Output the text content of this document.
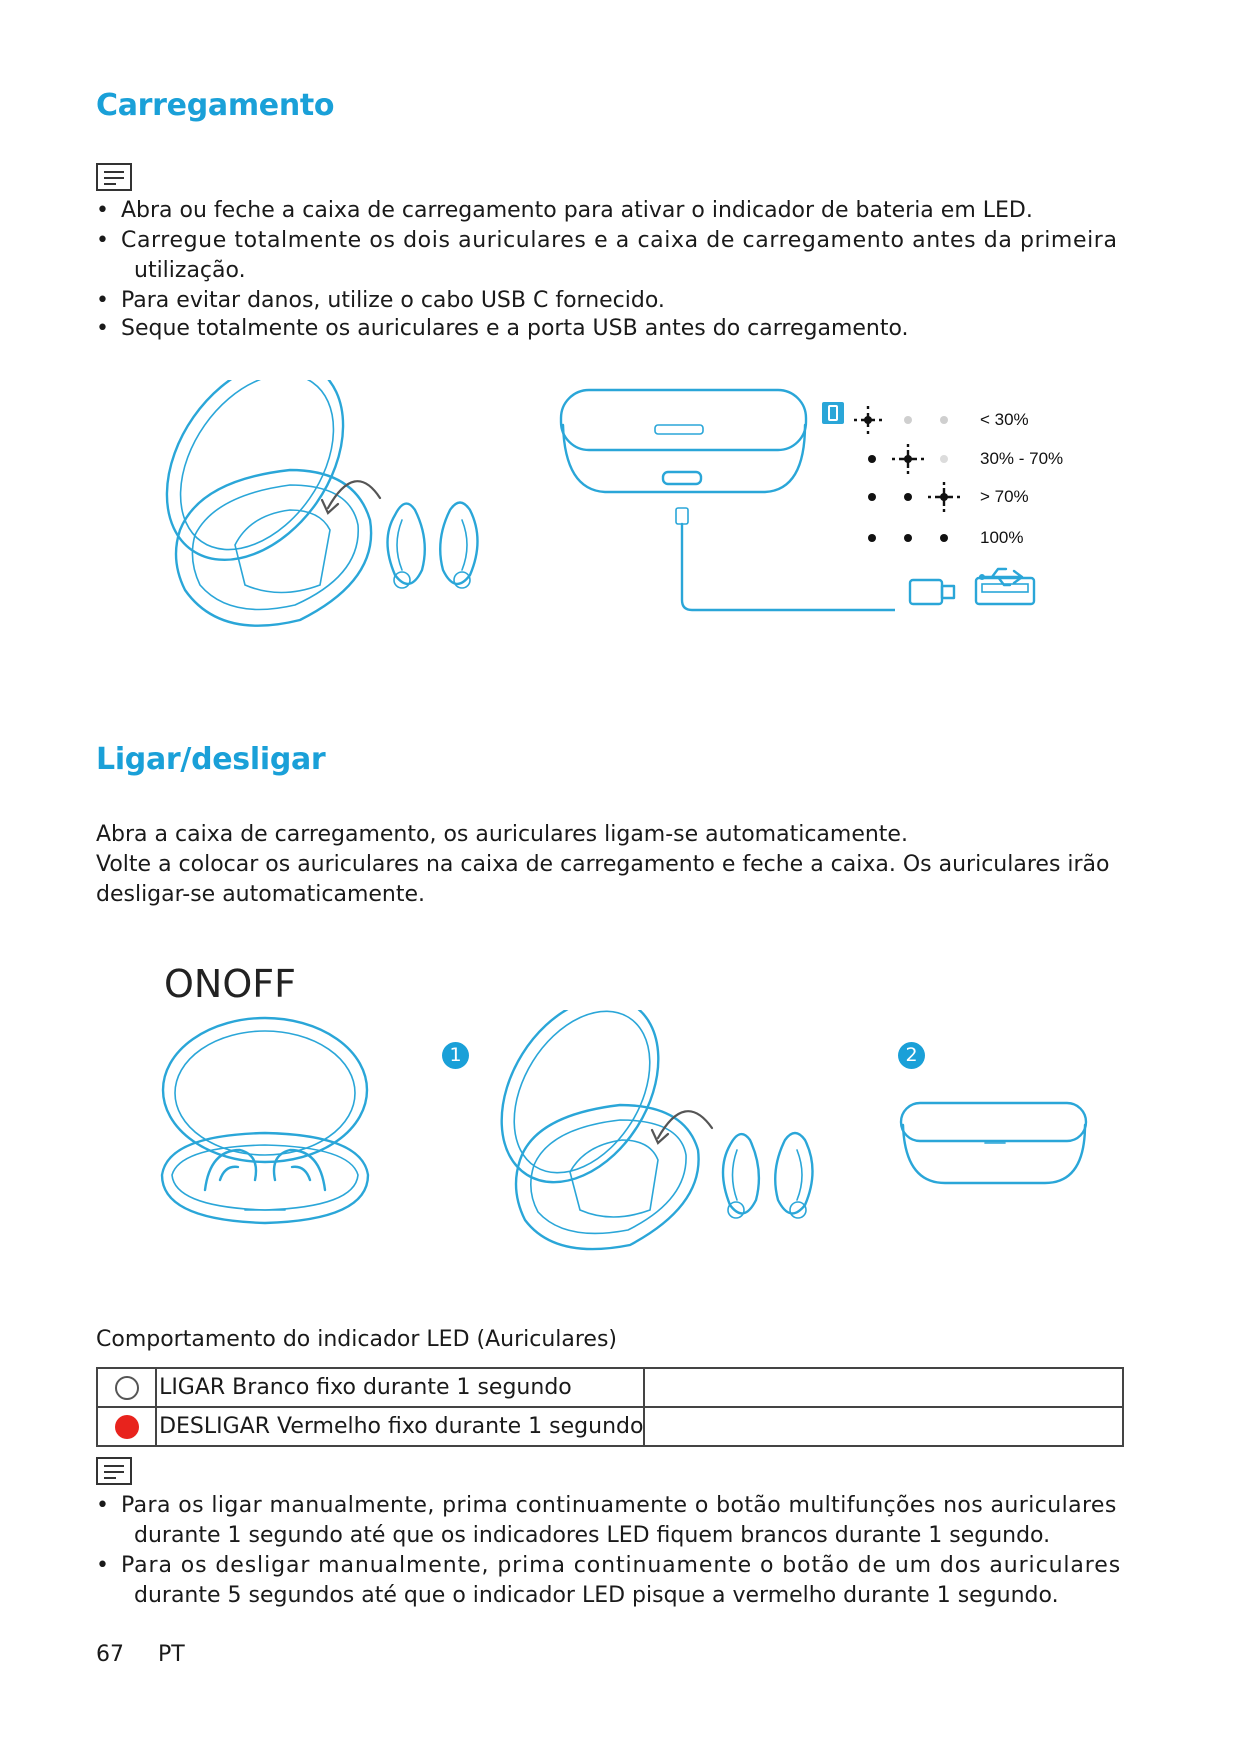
Carregamento
• Abra ou feche a caixa de carregamento para ativar o indicador de bateria em LED.
• Carregue totalmente os dois auriculares e a caixa de carregamento antes da primeira
utilização.
• Para evitar danos, utilize o cabo USB C fornecido.
• Seque totalmente os auriculares e a porta USB antes do carregamento.
< 30%
30% - 70%
> 70%
100%
Ligar/desligar
Abra a caixa de carregamento, os auriculares ligam-se automaticamente.
Volte a colocar os auriculares na caixa de carregamento e feche a caixa. Os auriculares irão desligar-se automaticamente.
ONOFF
1	2
Comportamento do indicador LED (Auriculares)
	LIGAR Branco fixo durante 1 segundo	
	DESLIGAR Vermelho fixo durante 1 segundo	
• Para os ligar manualmente, prima continuamente o botão multifunções nos auriculares
durante 1 segundo até que os indicadores LED fiquem brancos durante 1 segundo.
• Para os desligar manualmente, prima continuamente o botão de um dos auriculares
durante 5 segundos até que o indicador LED pisque a vermelho durante 1 segundo.
67 PT
